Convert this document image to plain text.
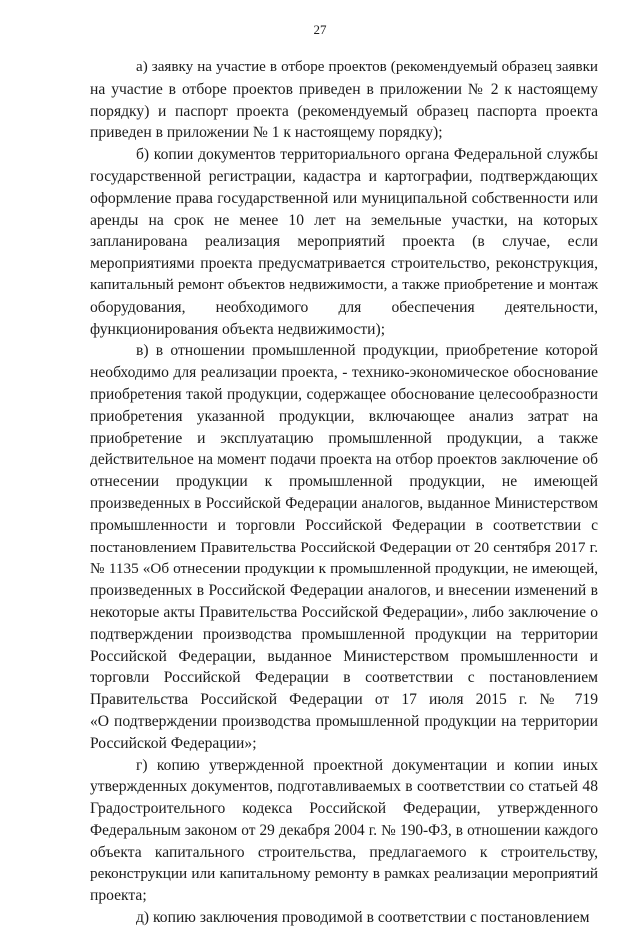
27
а) заявку на участие в отборе проектов (рекомендуемый образец заявки
на участие в отборе проектов приведен в приложении № 2 к настоящему
порядку) и паспорт проекта (рекомендуемый образец паспорта проекта
приведен в приложении № 1 к настоящему порядку);
б) копии документов территориального органа Федеральной службы
государственной регистрации, кадастра и картографии, подтверждающих
оформление права государственной или муниципальной собственности или
аренды на срок не менее 10 лет на земельные участки, на которых
запланирована реализация мероприятий проекта (в случае, если
мероприятиями проекта предусматривается строительство, реконструкция,
капитальный ремонт объектов недвижимости, а также приобретение и монтаж
оборудования, необходимого для обеспечения деятельности,
функционирования объекта недвижимости);
в) в отношении промышленной продукции, приобретение которой
необходимо для реализации проекта, - технико-экономическое обоснование
приобретения такой продукции, содержащее обоснование целесообразности
приобретения указанной продукции, включающее анализ затрат на
приобретение и эксплуатацию промышленной продукции, а также
действительное на момент подачи проекта на отбор проектов заключение об
отнесении продукции к промышленной продукции, не имеющей
произведенных в Российской Федерации аналогов, выданное Министерством
промышленности и торговли Российской Федерации в соответствии с
постановлением Правительства Российской Федерации от 20 сентября 2017 г.
№ 1135 «Об отнесении продукции к промышленной продукции, не имеющей,
произведенных в Российской Федерации аналогов, и внесении изменений в
некоторые акты Правительства Российской Федерации», либо заключение о
подтверждении производства промышленной продукции на территории
Российской Федерации, выданное Министерством промышленности и
торговли Российской Федерации в соответствии с постановлением
Правительства Российской Федерации от 17 июля 2015 г. № 719
«О подтверждении производства промышленной продукции на территории
Российской Федерации»;
г) копию утвержденной проектной документации и копии иных
утвержденных документов, подготавливаемых в соответствии со статьей 48
Градостроительного кодекса Российской Федерации, утвержденного
Федеральным законом от 29 декабря 2004 г. № 190-ФЗ, в отношении каждого
объекта капитального строительства, предлагаемого к строительству,
реконструкции или капитальному ремонту в рамках реализации мероприятий
проекта;
д) копию заключения проводимой в соответствии с постановлением
